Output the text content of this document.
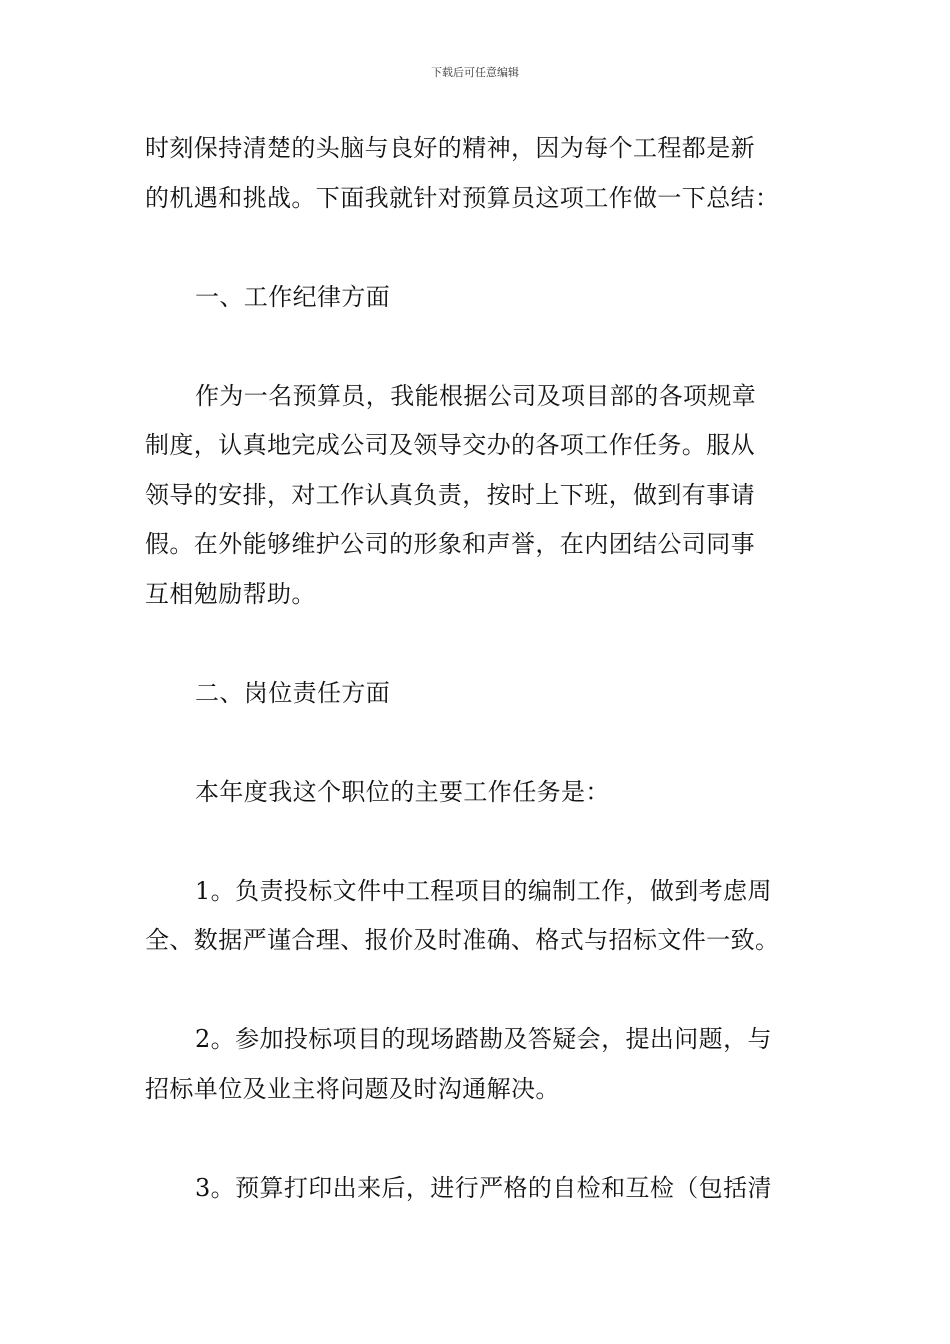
下载后可任意编辑
时刻保持清楚的头脑与良好的精神，因为每个工程都是新
的机遇和挑战。下面我就针对预算员这项工作做一下总结：
一、工作纪律方面
作为一名预算员，我能根据公司及项目部的各项规章
制度，认真地完成公司及领导交办的各项工作任务。服从
领导的安排，对工作认真负责，按时上下班，做到有事请
假。在外能够维护公司的形象和声誉，在内团结公司同事
互相勉励帮助。
二、岗位责任方面
本年度我这个职位的主要工作任务是：
1。负责投标文件中工程项目的编制工作，做到考虑周
全、数据严谨合理、报价及时准确、格式与招标文件一致。
2。参加投标项目的现场踏勘及答疑会，提出问题，与
招标单位及业主将问题及时沟通解决。
3。预算打印出来后，进行严格的自检和互检（包括清
